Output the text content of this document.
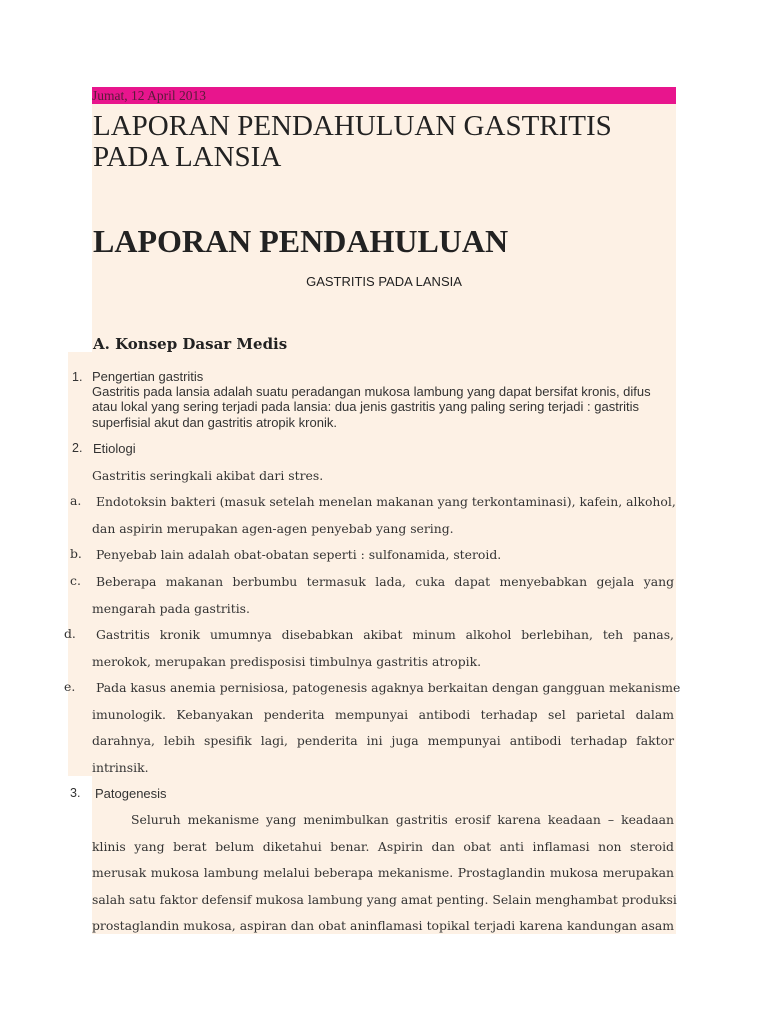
Jumat, 12 April 2013
LAPORAN PENDAHULUAN GASTRITIS PADA LANSIA
LAPORAN PENDAHULUAN

GASTRITIS PADA LANSIA

A. Konsep Dasar Medis
1. Pengertian gastritis
Gastritis pada lansia adalah suatu peradangan mukosa lambung yang dapat bersifat kronis, difus atau lokal yang sering terjadi pada lansia: dua jenis gastritis yang paling sering terjadi : gastritis superfisial akut dan gastritis atropik kronik.
2. Etiologi

Gastritis seringkali akibat dari stres.

a. Endotoksin bakteri (masuk setelah menelan makanan yang terkontaminasi), kafein, alkohol,

dan aspirin merupakan agen-agen penyebab yang sering.

b. Penyebab lain adalah obat-obatan seperti : sulfonamida, steroid.

c. Beberapa makanan berbumbu termasuk lada, cuka dapat menyebabkan gejala yang

mengarah pada gastritis.

d. Gastritis kronik umumnya disebabkan akibat minum alkohol berlebihan, teh panas,

merokok, merupakan predisposisi timbulnya gastritis atropik.

e. Pada kasus anemia pernisiosa, patogenesis agaknya berkaitan dengan gangguan mekanisme

imunologik. Kebanyakan penderita mempunyai antibodi terhadap sel parietal dalam

darahnya, lebih spesifik lagi, penderita ini juga mempunyai antibodi terhadap faktor

intrinsik.

3. Patogenesis

Seluruh mekanisme yang menimbulkan gastritis erosif karena keadaan – keadaan

klinis yang berat belum diketahui benar. Aspirin dan obat anti inflamasi non steroid

merusak mukosa lambung melalui beberapa mekanisme. Prostaglandin mukosa merupakan

salah satu faktor defensif mukosa lambung yang amat penting. Selain menghambat produksi

prostaglandin mukosa, aspiran dan obat aninflamasi topikal terjadi karena kandungan asam
